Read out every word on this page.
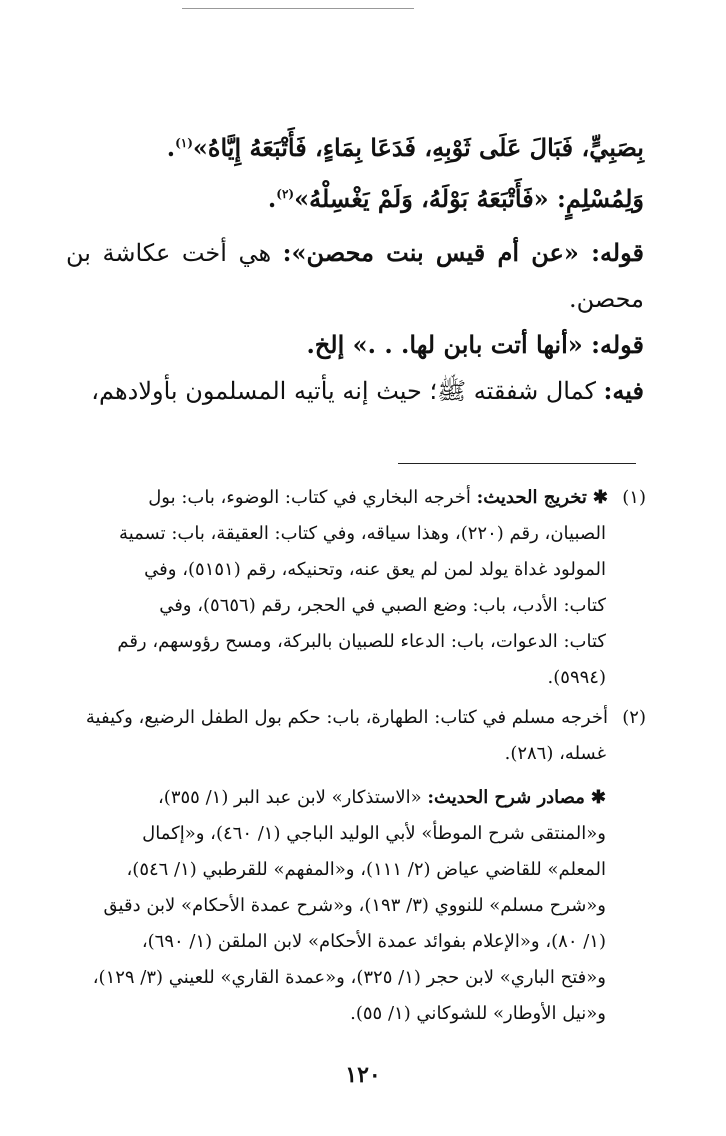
بِصَبِيٍّ، فَبَالَ عَلَى ثَوْبِهِ، فَدَعَا بِمَاءٍ، فَأَتْبَعَهُ إِيَّاهُ»$^{(١)}$.

وَلِمُسْلِمٍ: «فَأَتْبَعَهُ بَوْلَهُ، وَلَمْ يَغْسِلْهُ»$^{(٢)}$.

قوله: «عن أم قيس بنت محصن»: هي أخت عكاشة بن

محصن.

قوله: «أنها أتت بابن لها. . .» إلخ.

فيه: كمال شفقته ﷺ؛ حيث إنه يأتيه المسلمون بأولادهم،

(١)✱تخريج الحديث: أخرجه البخاري في كتاب: الوضوء، باب: بول

الصبيان، رقم (٢٢٠)، وهذا سياقه، وفي كتاب: العقيقة، باب: تسمية

المولود غداة يولد لمن لم يعق عنه، وتحنيكه، رقم (٥١٥١)، وفي

كتاب: الأدب، باب: وضع الصبي في الحجر، رقم (٥٦٥٦)، وفي

كتاب: الدعوات، باب: الدعاء للصبيان بالبركة، ومسح رؤوسهم، رقم

(٥٩٩٤).

(٢)أخرجه مسلم في كتاب: الطهارة، باب: حكم بول الطفل الرضيع، وكيفية

غسله، (٢٨٦).

✱مصادر شرح الحديث: «الاستذكار» لابن عبد البر (١/ ٣٥٥)،

و«المنتقى شرح الموطأ» لأبي الوليد الباجي (١/ ٤٦٠)، و«إكمال

المعلم» للقاضي عياض (٢/ ١١١)، و«المفهم» للقرطبي (١/ ٥٤٦)،

و«شرح مسلم» للنووي (٣/ ١٩٣)، و«شرح عمدة الأحكام» لابن دقيق

(١/ ٨٠)، و«الإعلام بفوائد عمدة الأحكام» لابن الملقن (١/ ٦٩٠)،

و«فتح الباري» لابن حجر (١/ ٣٢٥)، و«عمدة القاري» للعيني (٣/ ١٢٩)،

و«نيل الأوطار» للشوكاني (١/ ٥٥).

١٢٠
